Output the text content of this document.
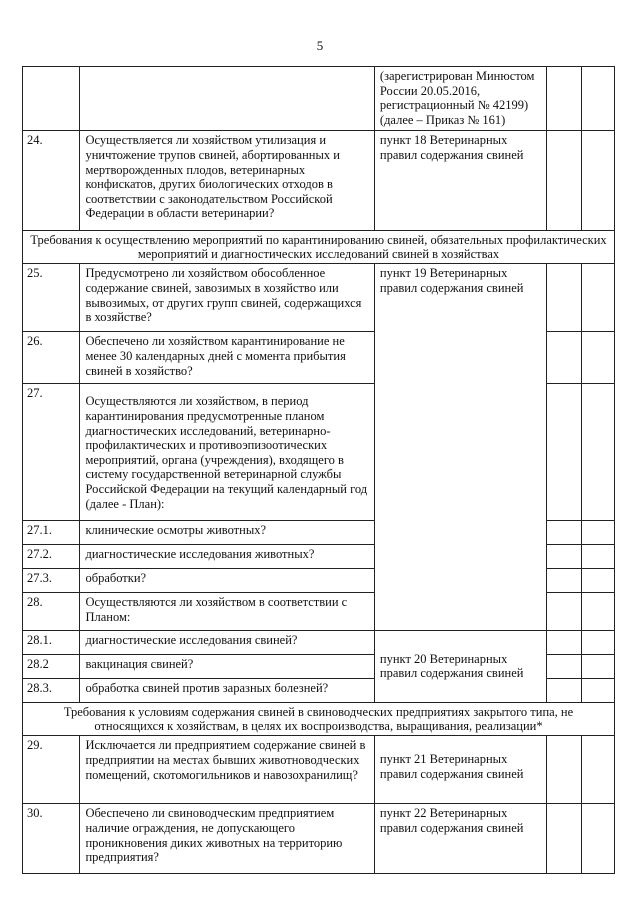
5
		(зарегистрирован Минюстом России 20.05.2016, регистрационный № 42199) (далее – Приказ № 161)		
24.	Осуществляется ли хозяйством утилизация и уничтожение трупов свиней, абортированных и мертворожденных плодов, ветеринарных конфискатов, других биологических отходов в соответствии с законодательством Российской Федерации в области ветеринарии?	пункт 18 Ветеринарных правил содержания свиней		
Требования к осуществлению мероприятий по карантинированию свиней, обязательных профилактических мероприятий и диагностических исследований свиней в хозяйствах				
25.	Предусмотрено ли хозяйством обособленное содержание свиней, завозимых в хозяйство или вывозимых, от других групп свиней, содержащихся в хозяйстве?	пункт 19 Ветеринарных правил содержания свиней		
26.	Обеспечено ли хозяйством карантинирование не менее 30 календарных дней с момента прибытия свиней в хозяйство?			
27.	Осуществляются ли хозяйством, в период карантинирования предусмотренные планом диагностических исследований, ветеринарно-профилактических и противоэпизоотических мероприятий, органа (учреждения), входящего в систему государственной ветеринарной службы Российской Федерации на текущий календарный год (далее - План):			
27.1.	клинические осмотры животных?			
27.2.	диагностические исследования животных?			
27.3.	обработки?			
28.	Осуществляются ли хозяйством в соответствии с Планом:			
28.1.	диагностические исследования свиней?	пункт 20 Ветеринарных правил содержания свиней		
28.2	вакцинация свиней?			
28.3.	обработка свиней против заразных болезней?			
Требования к условиям содержания свиней в свиноводческих предприятиях закрытого типа, не относящихся к хозяйствам, в целях их воспроизводства, выращивания, реализации*				
29.	Исключается ли предприятием содержание свиней в предприятии на местах бывших животноводческих помещений, скотомогильников и навозохранилищ?	пункт 21 Ветеринарных правил содержания свиней		
30.	Обеспечено ли свиноводческим предприятием наличие ограждения, не допускающего проникновения диких животных на территорию предприятия?	пункт 22 Ветеринарных правил содержания свиней		
